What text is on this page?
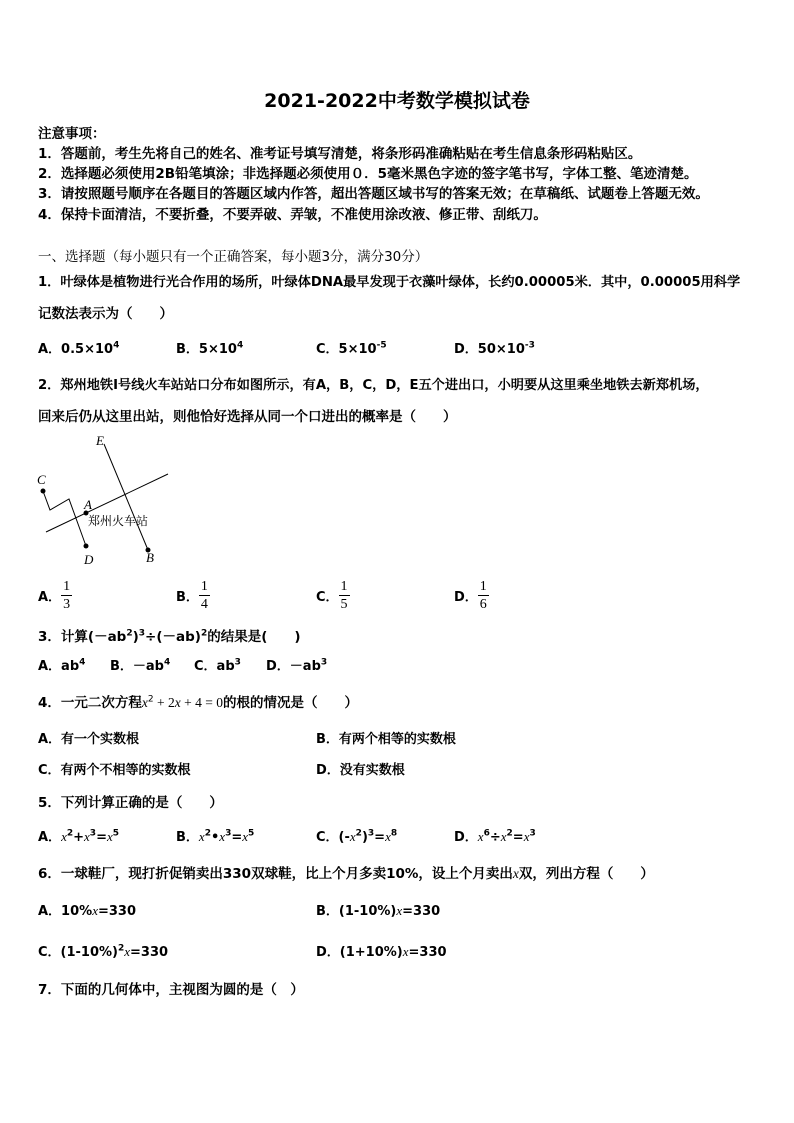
2021-2022中考数学模拟试卷
注意事项：
1．答题前，考生先将自己的姓名、准考证号填写清楚，将条形码准确粘贴在考生信息条形码粘贴区。
2．选择题必须使用2B铅笔填涂；非选择题必须使用０．5毫米黑色字迹的签字笔书写，字体工整、笔迹清楚。
3．请按照题号顺序在各题目的答题区域内作答，超出答题区域书写的答案无效；在草稿纸、试题卷上答题无效。
4．保持卡面清洁，不要折叠，不要弄破、弄皱，不准使用涂改液、修正带、刮纸刀。
一、选择题（每小题只有一个正确答案，每小题3分，满分30分）
1．叶绿体是植物进行光合作用的场所，叶绿体DNA最早发现于衣藻叶绿体，长约0.00005米．其中，0.00005用科学
记数法表示为（　　）
A．$0.5\times 10^4$	B．$5\times 10^4$	C．$5\times 10^{-5}$	D．$50\times 10^{-3}$
2．郑州地铁Ⅰ号线火车站站口分布如图所示，有A，B，C，D，E五个进出口，小明要从这里乘坐地铁去新郑机场，
回来后仍从这里出站，则他恰好选择从同一个口进出的概率是（　　）
E
C
A
D	B
郑州火车站
A． $\frac{1}{3}$	B． $\frac{1}{4}$	C． $\frac{1}{5}$	D． $\frac{1}{6}$
3．计算$(-ab^2)^3\div(-ab)^2$的结果是(　　)
A．$ab^4$ B．$-ab^4$ C．$ab^3$ D．$-ab^3$
4．一元二次方程$x^2 + 2x + 4 = 0$的根的情况是（　　）
A．有一个实数根	B．有两个相等的实数根
C．有两个不相等的实数根	D．没有实数根
5．下列计算正确的是（　　）
A．$x^2+x^3=x^5$	B．$x^2•x^3=x^5$	C．$(-x^2)^3=x^8$	D．$x^6\div x^2=x^3$
6．一球鞋厂，现打折促销卖出330双球鞋，比上个月多卖10%，设上个月卖出x双，列出方程（　　）
A．10%x=330	B．(1-10%)x=330
C．$(1-10\%)^2x=330$	D．(1+10%)x=330
7．下面的几何体中，主视图为圆的是（　）
